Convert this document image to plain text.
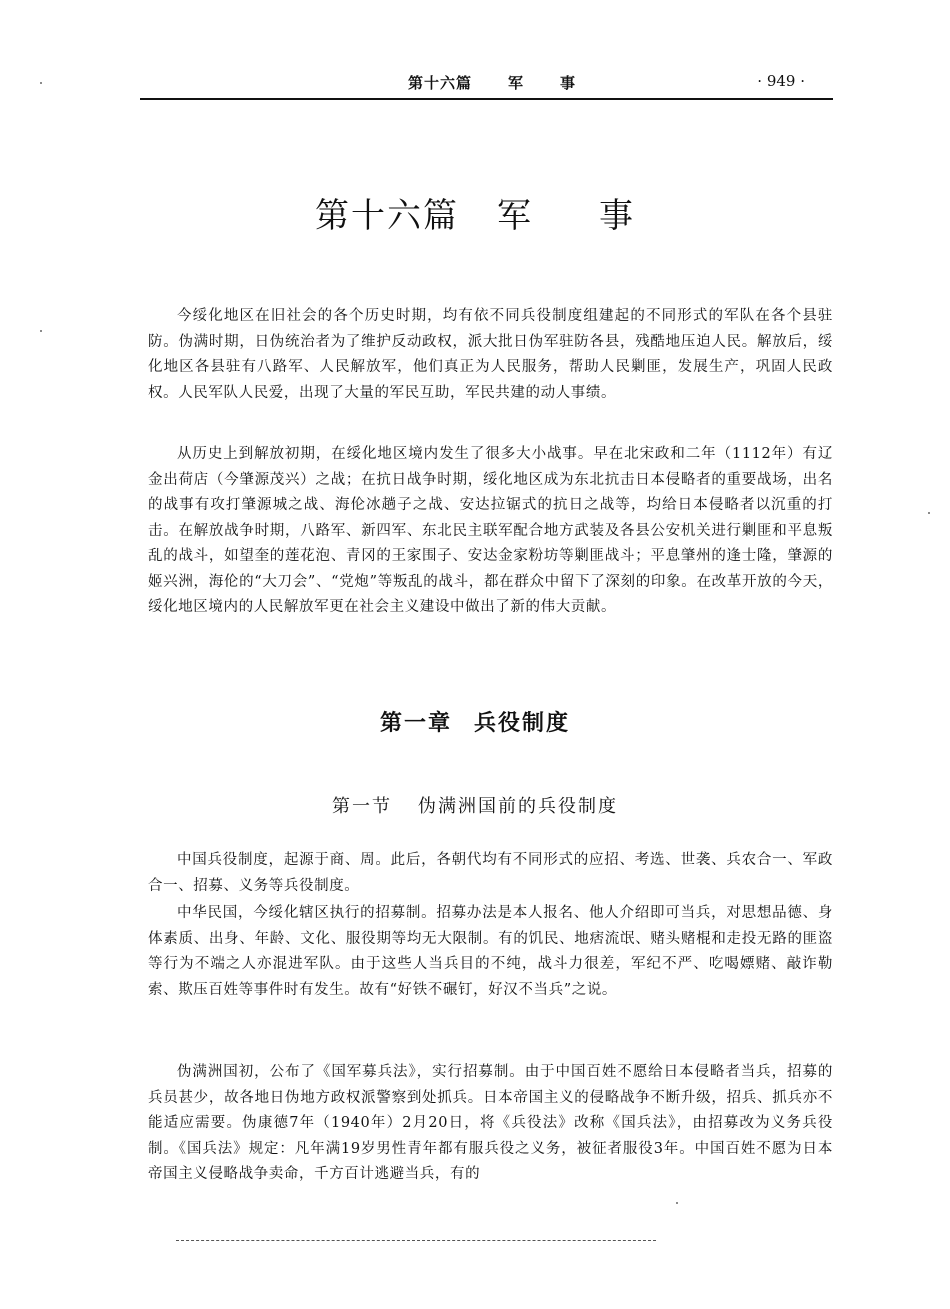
第十六篇 军 事	· 949 ·
第十六篇 军 事

今绥化地区在旧社会的各个历史时期，均有依不同兵役制度组建起的不同形式的军队在各个县驻防。伪满时期，日伪统治者为了维护反动政权，派大批日伪军驻防各县，残酷地压迫人民。解放后，绥化地区各县驻有八路军、人民解放军，他们真正为人民服务，帮助人民剿匪，发展生产，巩固人民政权。人民军队人民爱，出现了大量的军民互助，军民共建的动人事绩。

从历史上到解放初期，在绥化地区境内发生了很多大小战事。早在北宋政和二年（1112年）有辽金出荷店（今肇源茂兴）之战；在抗日战争时期，绥化地区成为东北抗击日本侵略者的重要战场，出名的战事有攻打肇源城之战、海伦冰趟子之战、安达拉锯式的抗日之战等，均给日本侵略者以沉重的打击。在解放战争时期，八路军、新四军、东北民主联军配合地方武装及各县公安机关进行剿匪和平息叛乱的战斗，如望奎的莲花泡、青冈的王家围子、安达金家粉坊等剿匪战斗；平息肇州的逢士隆，肇源的姬兴洲，海伦的“大刀会”、“党炮”等叛乱的战斗，都在群众中留下了深刻的印象。在改革开放的今天，绥化地区境内的人民解放军更在社会主义建设中做出了新的伟大贡献。

第一章 兵役制度
第一节 伪满洲国前的兵役制度

中国兵役制度，起源于商、周。此后，各朝代均有不同形式的应招、考选、世袭、兵农合一、军政合一、招募、义务等兵役制度。

中华民国，今绥化辖区执行的招募制。招募办法是本人报名、他人介绍即可当兵，对思想品德、身体素质、出身、年龄、文化、服役期等均无大限制。有的饥民、地痞流氓、赌头赌棍和走投无路的匪盗等行为不端之人亦混进军队。由于这些人当兵目的不纯，战斗力很差，军纪不严、吃喝嫖赌、敲诈勒索、欺压百姓等事件时有发生。故有“好铁不碾钉，好汉不当兵”之说。

伪满洲国初，公布了《国军募兵法》，实行招募制。由于中国百姓不愿给日本侵略者当兵，招募的兵员甚少，故各地日伪地方政权派警察到处抓兵。日本帝国主义的侵略战争不断升级，招兵、抓兵亦不能适应需要。伪康德7年（1940年）2月20日，将《兵役法》改称《国兵法》，由招募改为义务兵役制。《国兵法》规定：凡年满19岁男性青年都有服兵役之义务，被征者服役3年。中国百姓不愿为日本帝国主义侵略战争卖命，千方百计逃避当兵，有的
